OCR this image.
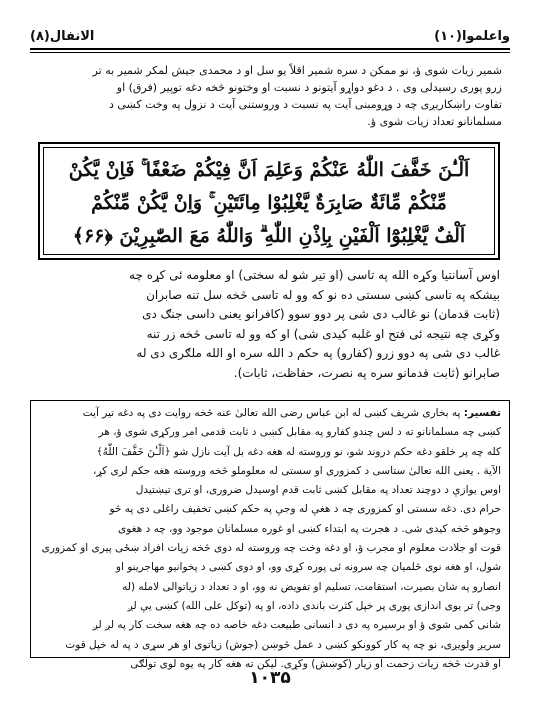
الانفال(۸)	واعلموا(۱۰)
شمیر زیات شوی ؤ، نو ممکن د سره شمیر اقلاً یو سل او د محمدی جیش لمکر شمیر به تر
زرو پوری رسیدلی وی . د دغو دواړو آیتونو د نسبت او وختونو څخه دغه توپیر (فرق) او
تفاوت راښکاریږی چه د وړومبنی آیت په نسبت د وروستنی آیت د نزول په وخت کښی د
مسلمانانو تعداد زیات شوی ؤ.
اَلْـٰٔنَ خَفَّفَ اللّٰهُ عَنْكُمْ وَعَلِمَ اَنَّ فِيْكُمْ ضَعْفًا ۚ فَاِنْ يَّكُنْ
مِّنْكُمْ مِّائَةٌ صَابِرَةٌ يَّغْلِبُوْا مِائَتَيْنِ ۚ وَاِنْ يَّكُنْ مِّنْكُمْ
اَلْفٌ يَّغْلِبُوْٓا اَلْفَيْنِ بِاِذْنِ اللّٰهِ ۗ وَاللّٰهُ مَعَ الصّٰبِرِيْنَ ﴿۶۶﴾
اوس آسانتیا وکړه الله په تاسی (او تیر شو له سختی) او معلومه ئی کړه چه
بیشکه په تاسی کښی سستی ده نو که وو له تاسی څخه سل تنه صابران
(ثابت قدمان) نو غالب دی شی پر دوو سوو (کافرانو یعنی داسی جنګ دی
وکړی چه نتیجه ئی فتح او غلبه کیدی شی) او که وو له تاسی څخه زر تنه
غالب دی شی په دوو زرو (کفارو) په حکم د الله سره او الله ملګری دی له
صابرانو (ثابت قدمانو سره په نصرت، حفاظت، ثابات).
تفسیر: په بخاری شریف کښی له ابن عباس رضی الله تعالیٰ عنه څخه روایت دی په دغه تیر آیت
کښی چه مسلمانانو ته د لس چندو کفارو په مقابل کښی د ثابت قدمی امر ورکړی شوی ؤ، هر
کله چه پر خلقو دغه حکم دروند شو، نو وروسته له هغه دغه بل آیت نازل شو ﴿اَلْـٰٔنَ خَفَّفَ اللّٰهُ﴾
الآیة . یعنی الله تعالیٰ ستاسی د کمزوری او سستی له معلوملو څخه وروسته هغه حکم لری کړ،
اوس یوازې د دوچند تعداد په مقابل کښی ثابت قدم اوسیدل ضروری، او تری تیښتیدل
حرام دی. دغه سستی او کمزوری چه د هغې له وجې په حکم کښی تخفیف راغلی دی په څو
وجوهو څخه کیدی شی. د هجرت په ابتداء کښی او غوره مسلمانان موجود وو، چه د هغوی
قوت او جلادت معلوم او مجرب ؤ، او دغه وخت چه وروسته له دوی څخه زیات افراد ښځی پیری او کمزوری
شول، او هغه نوی څلمیان چه سرونه ئی پوره کړی وو، او دوی کښی د پخوانیو مهاجرینو او
انصارو په شان بصیرت، استقامت، تسلیم او تفویض نه وو، او د تعداد د زیاتوالی لامله (له
وجی) تر یوی اندازی پوری پر خپل کثرت باندی داده، او په (توکل علی الله) کښی یې لږ
شانی کمی شوی ؤ او برسیره په دی د انسانی طبیعت دغه خاصه ده چه هغه سخت کار په لږ لږ
سریږ ولویږی، نو چه په کار کوونکو کښی د عمل څوښن (جوش) زیاتوی او هر سړی د په له خپل قوت
او قدرت څخه زیات زحمت او زیار (کوښش) وکړی. لیکن ته هغه کار په یوه لوی تولګی
۱۰۳۵
